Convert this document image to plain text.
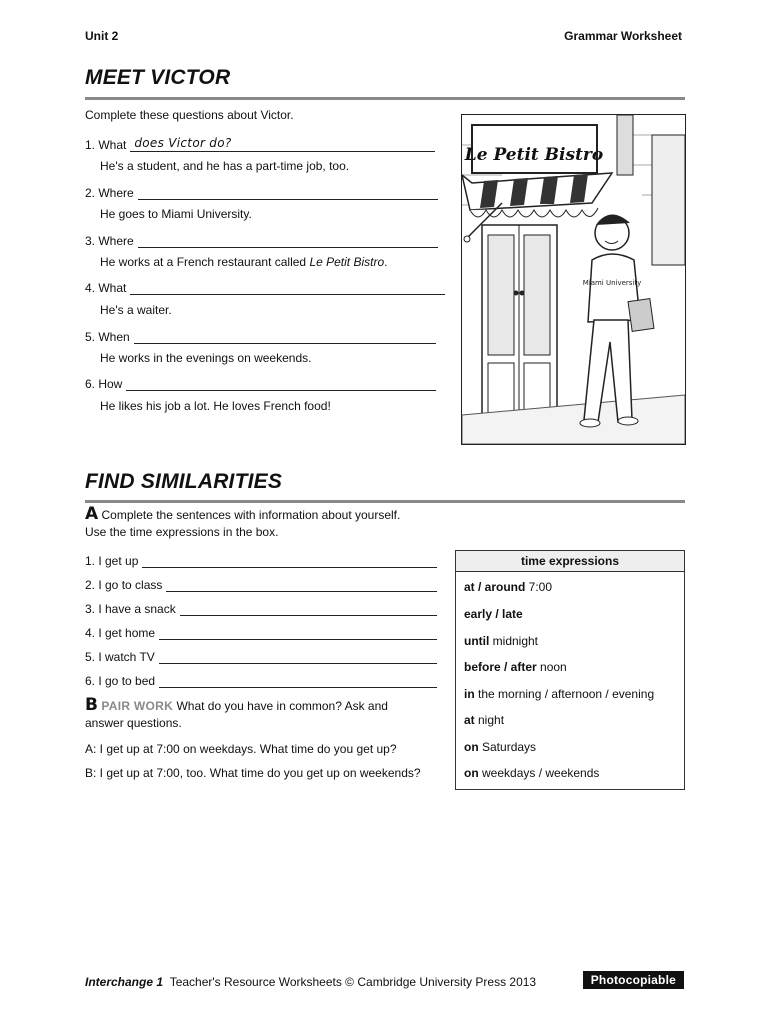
Unit 2	Grammar Worksheet
MEET VICTOR
Complete these questions about Victor.
1. What does Victor do?
He's a student, and he has a part-time job, too.
2. Where
He goes to Miami University.
3. Where
He works at a French restaurant called Le Petit Bistro.
4. What
He's a waiter.
5. When
He works in the evenings on weekends.
6. How
He likes his job a lot. He loves French food!
Le Petit Bistro
Miami University
FIND SIMILARITIES
A Complete the sentences with information about yourself.
Use the time expressions in the box.
1. I get up
2. I go to class
3. I have a snack
4. I get home
5. I watch TV
6. I go to bed
B PAIR WORK What do you have in common? Ask and
answer questions.
A: I get up at 7:00 on weekdays. What time do you get up?
B: I get up at 7:00, too. What time do you get up on weekends?
time expressions
at / around 7:00
early / late
until midnight
before / after noon
in the morning / afternoon / evening
at night
on Saturdays
on weekdays / weekends
Interchange 1 Teacher's Resource Worksheets © Cambridge University Press 2013	Photocopiable
